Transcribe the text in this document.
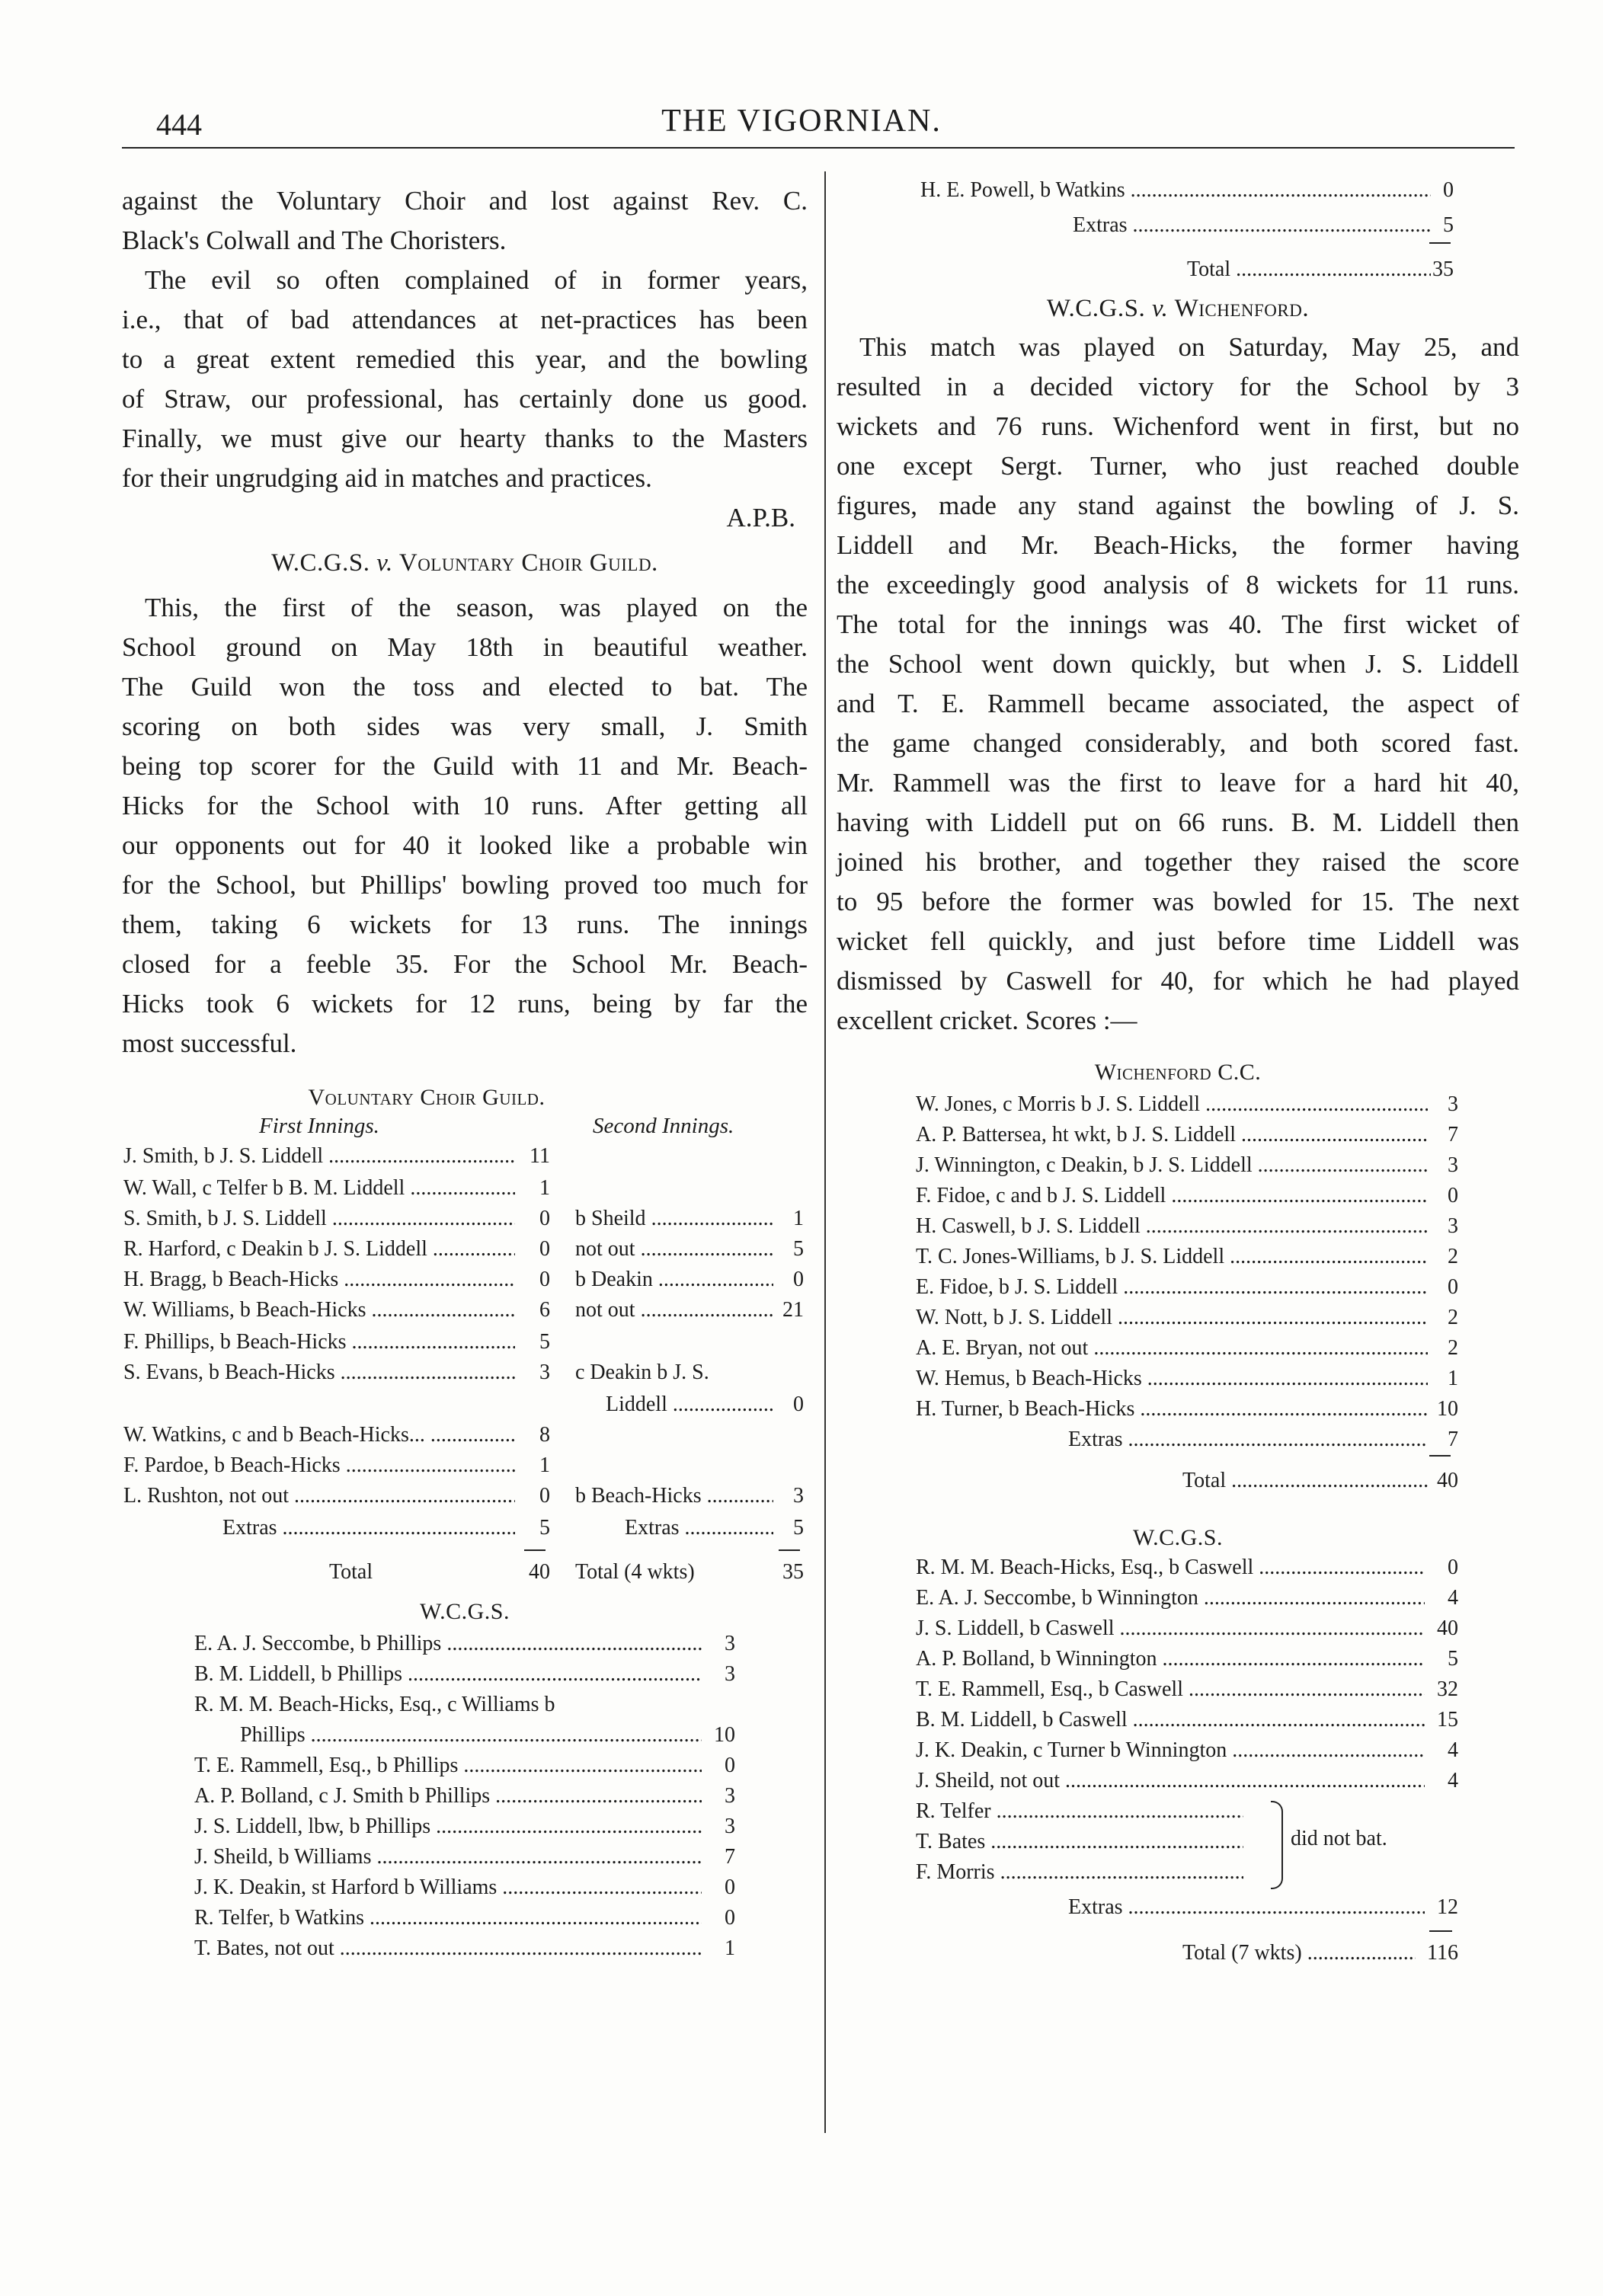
444	THE VIGORNIAN.
against the Voluntary Choir and lost against Rev. C.
Black's Colwall and The Choristers.
The evil so often complained of in former years,
i.e., that of bad attendances at net-practices has been
to a great extent remedied this year, and the bowling
of Straw, our professional, has certainly done us good.
Finally, we must give our hearty thanks to the Masters
for their ungrudging aid in matches and practices.
A.P.B.
W.C.G.S. v. Voluntary Choir Guild.
This, the first of the season, was played on the
School ground on May 18th in beautiful weather.
The Guild won the toss and elected to bat. The
scoring on both sides was very small, J. Smith
being top scorer for the Guild with 11 and Mr. Beach-
Hicks for the School with 10 runs. After getting all
our opponents out for 40 it looked like a probable win
for the School, but Phillips' bowling proved too much for
them, taking 6 wickets for 13 runs. The innings
closed for a feeble 35. For the School Mr. Beach-
Hicks took 6 wickets for 12 runs, being by far the
most successful.
Voluntary Choir Guild.
First Innings.	Second Innings.
J. Smith, b J. S. Liddell .....	11
W. Wall, c Telfer b B. M. Liddell .....	1
S. Smith, b J. S. Liddell .....	0 b Sheild .....	1
R. Harford, c Deakin b J. S. Liddell .....	0 not out .....	5
H. Bragg, b Beach-Hicks .....	0 b Deakin .....	0
W. Williams, b Beach-Hicks .....	6 not out .....	21
F. Phillips, b Beach-Hicks .....	5
S. Evans, b Beach-Hicks .....	3 c Deakin b J. S.
Liddell .....	0
W. Watkins, c and b Beach-Hicks... .....	8
F. Pardoe, b Beach-Hicks .....	1
L. Rushton, not out .....	0 b Beach-Hicks .....	3
Extras .....	5	Extras .....	5
Total	40 Total (4 wkts)	35
W.C.G.S.
E. A. J. Seccombe, b Phillips .....	3
B. M. Liddell, b Phillips .....	3
R. M. M. Beach-Hicks, Esq., c Williams b
Phillips .....	10
T. E. Rammell, Esq., b Phillips .....	0
A. P. Bolland, c J. Smith b Phillips .....	3
J. S. Liddell, lbw, b Phillips .....	3
J. Sheild, b Williams .....	7
J. K. Deakin, st Harford b Williams .....	0
R. Telfer, b Watkins .....	0
T. Bates, not out .....	1
H. E. Powell, b Watkins .....	0
Extras .....	5
Total .....	35
W.C.G.S. v. Wichenford.
This match was played on Saturday, May 25, and
resulted in a decided victory for the School by 3
wickets and 76 runs. Wichenford went in first, but no
one except Sergt. Turner, who just reached double
figures, made any stand against the bowling of J. S.
Liddell and Mr. Beach-Hicks, the former having
the exceedingly good analysis of 8 wickets for 11 runs.
The total for the innings was 40. The first wicket of
the School went down quickly, but when J. S. Liddell
and T. E. Rammell became associated, the aspect of
the game changed considerably, and both scored fast.
Mr. Rammell was the first to leave for a hard hit 40,
having with Liddell put on 66 runs. B. M. Liddell then
joined his brother, and together they raised the score
to 95 before the former was bowled for 15. The next
wicket fell quickly, and just before time Liddell was
dismissed by Caswell for 40, for which he had played
excellent cricket. Scores :—
Wichenford C.C.
W. Jones, c Morris b J. S. Liddell .....	3
A. P. Battersea, ht wkt, b J. S. Liddell .....	7
J. Winnington, c Deakin, b J. S. Liddell .....	3
F. Fidoe, c and b J. S. Liddell .....	0
H. Caswell, b J. S. Liddell .....	3
T. C. Jones-Williams, b J. S. Liddell .....	2
E. Fidoe, b J. S. Liddell .....	0
W. Nott, b J. S. Liddell .....	2
A. E. Bryan, not out .....	2
W. Hemus, b Beach-Hicks .....	1
H. Turner, b Beach-Hicks .....	10
Extras .....	7
Total .....	40
W.C.G.S.
R. M. M. Beach-Hicks, Esq., b Caswell .....	0
E. A. J. Seccombe, b Winnington .....	4
J. S. Liddell, b Caswell .....	40
A. P. Bolland, b Winnington .....	5
T. E. Rammell, Esq., b Caswell .....	32
B. M. Liddell, b Caswell .....	15
J. K. Deakin, c Turner b Winnington .....	4
J. Sheild, not out .....	4
R. Telfer .....
T. Bates .....
F. Morris .....
did not bat.
Extras .....	12
Total (7 wkts) .....	116
